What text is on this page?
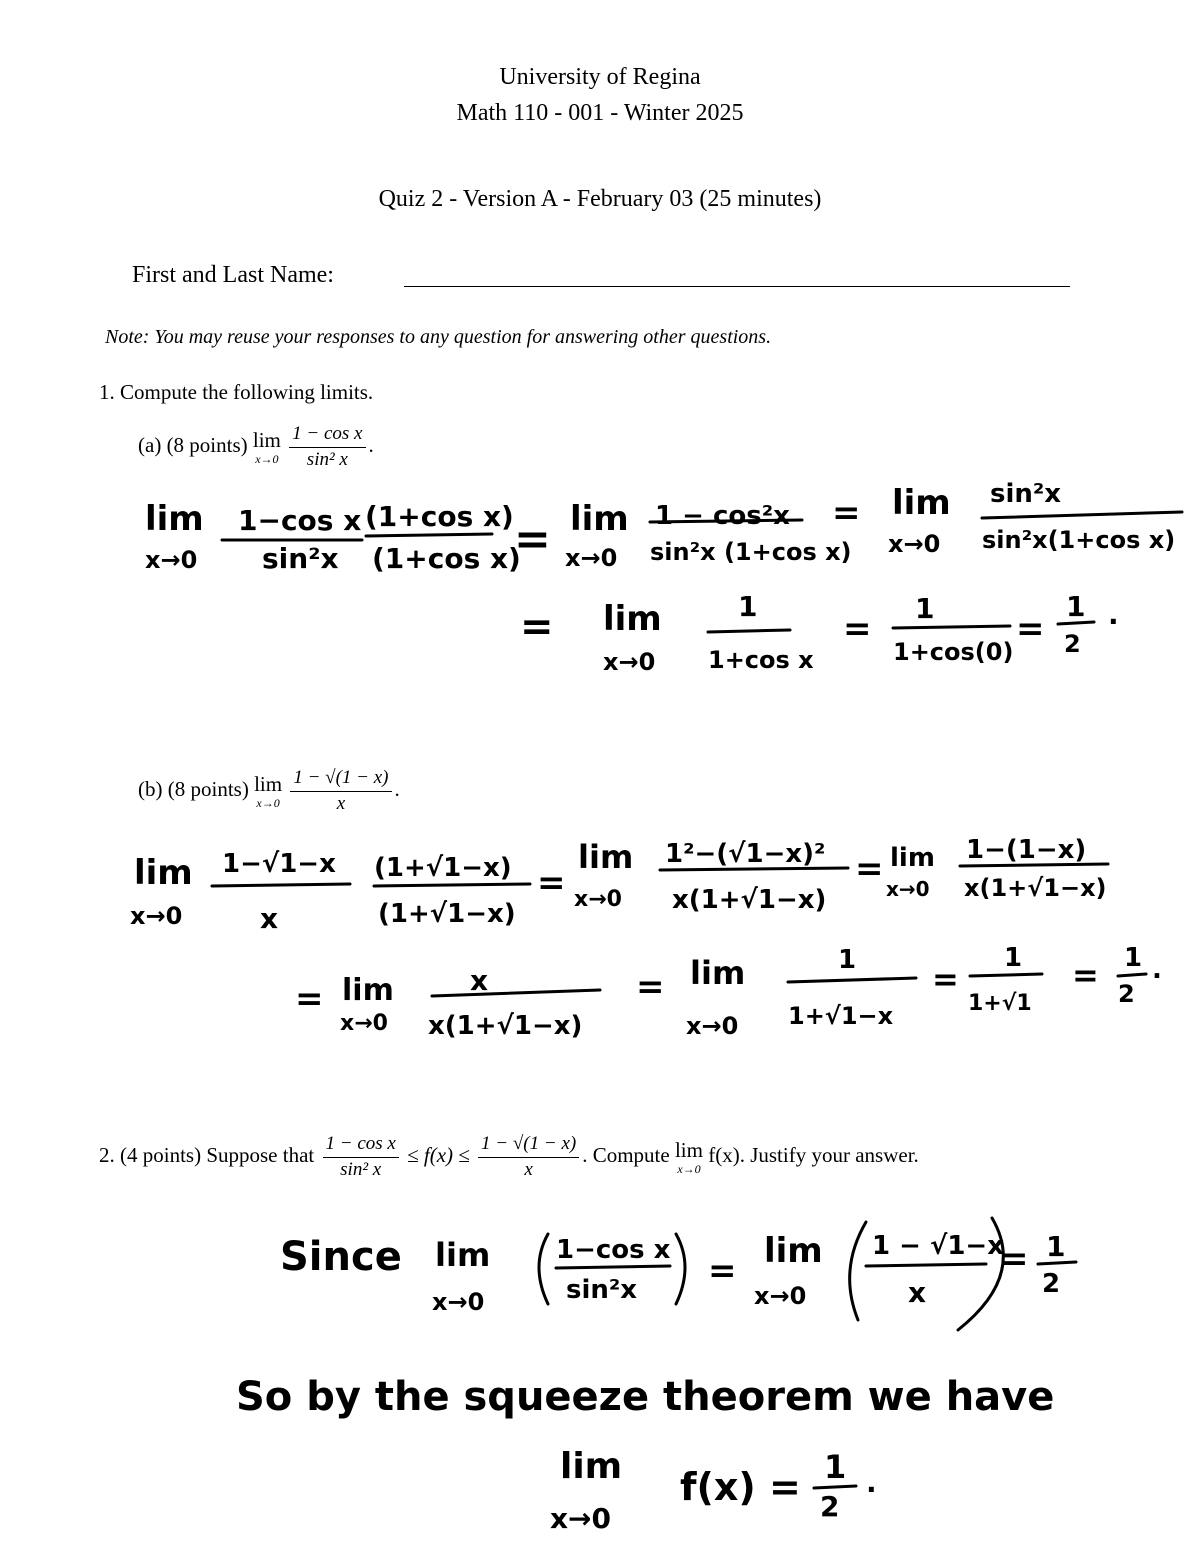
University of Regina
Math 110 - 001 - Winter 2025
Quiz 2 - Version A - February 03 (25 minutes)
First and Last Name:
Note: You may reuse your responses to any question for answering other questions.
1. Compute the following limits.
(a) (8 points) lim
x→0
$\frac{\text{1 − cos x}}{\text{sin² x}}$ .
lim
x→0
1−cos x
sin²x
(1+cos x)
(1+cos x)
= lim
x→0
1 − cos²x
sin²x (1+cos x)
= lim
x→0
sin²x
sin²x(1+cos x)
= lim
x→0
1
1+cos x
=
1
1+cos(0)
=
1
2
.
(b) (8 points) lim
x→0
$\frac{1 - √(1 - x)}{x}$ .
lim
x→0
1−√1−x
x
(1+√1−x)
(1+√1−x)
=
lim
x→0
1²−(√1−x)²
x(1+√1−x)
= lim
x→0
1−(1−x)
x(1+√1−x)
= lim
x→0
x
x(1+√1−x)
= lim
x→0
1
1+√1−x
=
1
1+√1
= 1
2
.
2. (4 points) Suppose that $\frac{\text{1 − cos x}}{\text{sin² x}} \le f(x) \le \frac{1 - √(1 - x)}{x}$ . Compute lim
x→0
f(x). Justify your answer.
Since lim
x→0
1−cos x
sin²x = lim
x→0
1 − √1−x
x
= 1
2
So by the squeeze theorem we have
lim
x→0
f(x) = 1
2
.
